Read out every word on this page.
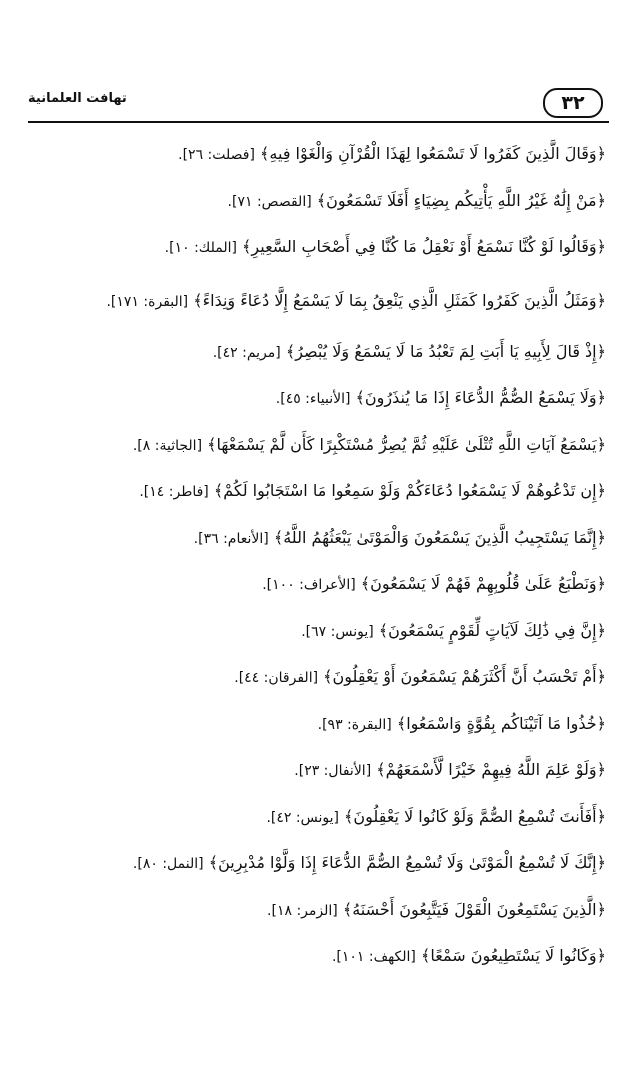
٣٢
تهافت العلمانية

﴿وَقَالَ الَّذِينَ كَفَرُوا لَا تَسْمَعُوا لِهَذَا الْقُرْآنِ وَالْغَوْا فِيهِ﴾ [فصلت: ٢٦].

﴿مَنْ إِلَٰهٌ غَيْرُ اللَّهِ يَأْتِيكُم بِضِيَاءٍ أَفَلَا تَسْمَعُونَ﴾ [القصص: ٧١].

﴿وَقَالُوا لَوْ كُنَّا نَسْمَعُ أَوْ نَعْقِلُ مَا كُنَّا فِي أَصْحَابِ السَّعِيرِ﴾ [الملك: ١٠].

﴿وَمَثَلُ الَّذِينَ كَفَرُوا كَمَثَلِ الَّذِي يَنْعِقُ بِمَا لَا يَسْمَعُ إِلَّا دُعَاءً وَنِدَاءً﴾ [البقرة: ١٧١].

﴿إِذْ قَالَ لِأَبِيهِ يَا أَبَتِ لِمَ تَعْبُدُ مَا لَا يَسْمَعُ وَلَا يُبْصِرُ﴾ [مريم: ٤٢].

﴿وَلَا يَسْمَعُ الصُّمُّ الدُّعَاءَ إِذَا مَا يُنذَرُونَ﴾ [الأنبياء: ٤٥].

﴿يَسْمَعُ آيَاتِ اللَّهِ تُتْلَىٰ عَلَيْهِ ثُمَّ يُصِرُّ مُسْتَكْبِرًا كَأَن لَّمْ يَسْمَعْهَا﴾ [الجاثية: ٨].

﴿إِن تَدْعُوهُمْ لَا يَسْمَعُوا دُعَاءَكُمْ وَلَوْ سَمِعُوا مَا اسْتَجَابُوا لَكُمْ﴾ [فاطر: ١٤].

﴿إِنَّمَا يَسْتَجِيبُ الَّذِينَ يَسْمَعُونَ وَالْمَوْتَىٰ يَبْعَثُهُمُ اللَّهُ﴾ [الأنعام: ٣٦].

﴿وَنَطْبَعُ عَلَىٰ قُلُوبِهِمْ فَهُمْ لَا يَسْمَعُونَ﴾ [الأعراف: ١٠٠].

﴿إِنَّ فِي ذَٰلِكَ لَآيَاتٍ لِّقَوْمٍ يَسْمَعُونَ﴾ [يونس: ٦٧].

﴿أَمْ تَحْسَبُ أَنَّ أَكْثَرَهُمْ يَسْمَعُونَ أَوْ يَعْقِلُونَ﴾ [الفرقان: ٤٤].

﴿خُذُوا مَا آتَيْنَاكُم بِقُوَّةٍ وَاسْمَعُوا﴾ [البقرة: ٩٣].

﴿وَلَوْ عَلِمَ اللَّهُ فِيهِمْ خَيْرًا لَّأَسْمَعَهُمْ﴾ [الأنفال: ٢٣].

﴿أَفَأَنتَ تُسْمِعُ الصُّمَّ وَلَوْ كَانُوا لَا يَعْقِلُونَ﴾ [يونس: ٤٢].

﴿إِنَّكَ لَا تُسْمِعُ الْمَوْتَىٰ وَلَا تُسْمِعُ الصُّمَّ الدُّعَاءَ إِذَا وَلَّوْا مُدْبِرِينَ﴾ [النمل: ٨٠].

﴿الَّذِينَ يَسْتَمِعُونَ الْقَوْلَ فَيَتَّبِعُونَ أَحْسَنَهُ﴾ [الزمر: ١٨].

﴿وَكَانُوا لَا يَسْتَطِيعُونَ سَمْعًا﴾ [الكهف: ١٠١].
